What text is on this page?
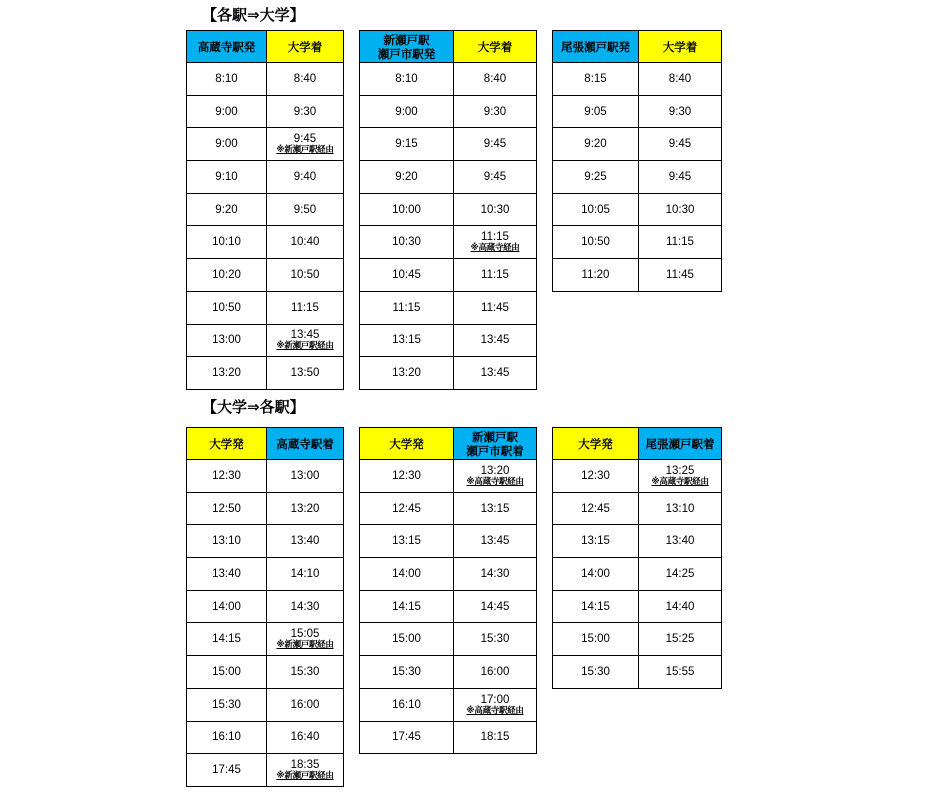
【各駅⇒大学】
【大学⇒各駅】
高蔵寺駅発	大学着

8:10	8:40

9:00	9:30

9:00	9:45
※新瀬戸駅経由

9:10	9:40

9:20	9:50

10:10	10:40

10:20	10:50

10:50	11:15

13:00	13:45
※新瀬戸駅経由

13:20	13:50
新瀬戸駅
瀬戸市駅発	大学着

8:10	8:40

9:00	9:30

9:15	9:45

9:20	9:45

10:00	10:30

10:30	11:15
※高蔵寺経由

10:45	11:15

11:15	11:45

13:15	13:45

13:20	13:45
尾張瀬戸駅発	大学着

8:15	8:40

9:05	9:30

9:20	9:45

9:25	9:45

10:05	10:30

10:50	11:15

11:20	11:45
大学発	高蔵寺駅着

12:30	13:00

12:50	13:20

13:10	13:40

13:40	14:10

14:00	14:30

14:15	15:05
※新瀬戸駅経由

15:00	15:30

15:30	16:00

16:10	16:40

17:45	18:35
※新瀬戸駅経由
大学発	新瀬戸駅
瀬戸市駅着

12:30	13:20
※高蔵寺駅経由

12:45	13:15

13:15	13:45

14:00	14:30

14:15	14:45

15:00	15:30

15:30	16:00

16:10	17:00
※高蔵寺駅経由

17:45	18:15
大学発	尾張瀬戸駅着

12:30	13:25
※高蔵寺駅経由

12:45	13:10

13:15	13:40

14:00	14:25

14:15	14:40

15:00	15:25

15:30	15:55
